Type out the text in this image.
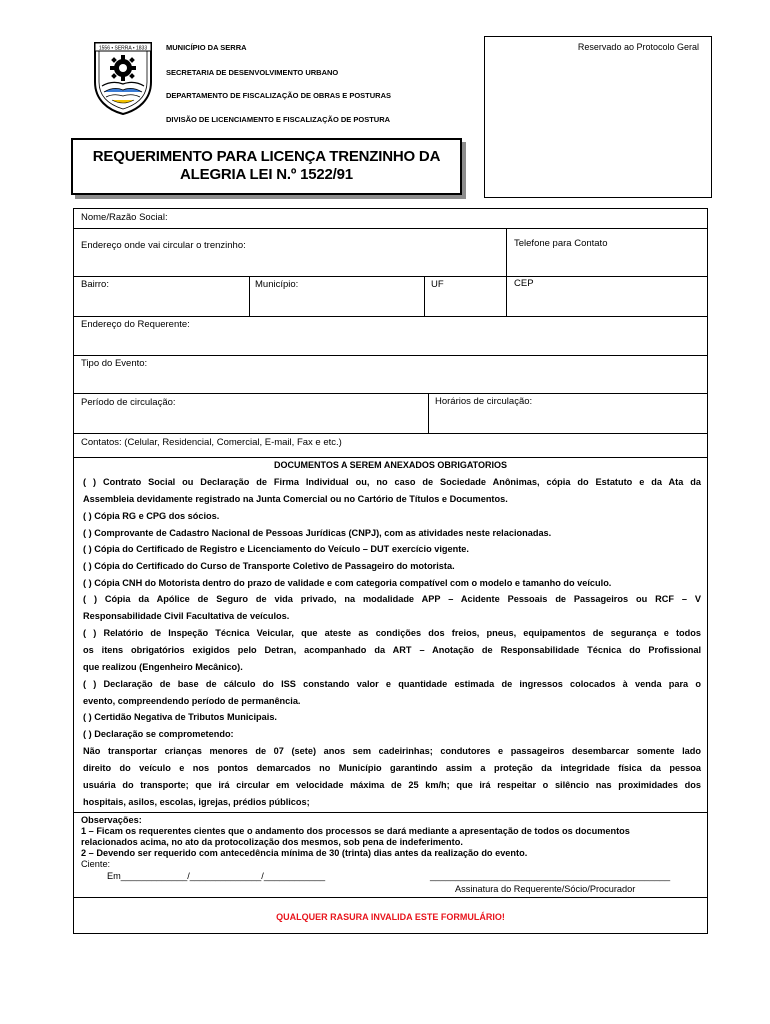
1556 • SERRA • 1833	MUNICÍPIO DA SERRA
SECRETARIA DE DESENVOLVIMENTO URBANO
DEPARTAMENTO DE FISCALIZAÇÃO DE OBRAS E POSTURAS
DIVISÃO DE LICENCIAMENTO E FISCALIZAÇÃO DE POSTURA
Reservado ao Protocolo Geral
REQUERIMENTO PARA LICENÇA TRENZINHO DA
ALEGRIA LEI N.º 1522/91
Nome/Razão Social:
Endereço onde vai circular o trenzinho:	Telefone para Contato
Bairro:	Município:	UF	CEP
Endereço do Requerente:
Tipo do Evento:
Período de circulação:	Horários de circulação:
Contatos: (Celular, Residencial, Comercial, E-mail, Fax e etc.)
DOCUMENTOS A SEREM ANEXADOS OBRIGATORIOS
( ) Contrato Social ou Declaração de Firma Individual ou, no caso de Sociedade Anônimas, cópia do Estatuto e da Ata da
Assembleia devidamente registrado na Junta Comercial ou no Cartório de Títulos e Documentos.
( ) Cópia RG e CPG dos sócios.
( ) Comprovante de Cadastro Nacional de Pessoas Jurídicas (CNPJ), com as atividades neste relacionadas.
( ) Cópia do Certificado de Registro e Licenciamento do Veículo – DUT exercício vigente.
( ) Cópia do Certificado do Curso de Transporte Coletivo de Passageiro do motorista.
( ) Cópia CNH do Motorista dentro do prazo de validade e com categoria compatível com o modelo e tamanho do veículo.
( ) Cópia da Apólice de Seguro de vida privado, na modalidade APP – Acidente Pessoais de Passageiros ou RCF – V
Responsabilidade Civil Facultativa de veículos.
( ) Relatório de Inspeção Técnica Veicular, que ateste as condições dos freios, pneus, equipamentos de segurança e todos
os itens obrigatórios exigidos pelo Detran, acompanhado da ART – Anotação de Responsabilidade Técnica do Profissional
que realizou (Engenheiro Mecânico).
( ) Declaração de base de cálculo do ISS constando valor e quantidade estimada de ingressos colocados à venda para o
evento, compreendendo período de permanência.
( ) Certidão Negativa de Tributos Municipais.
( ) Declaração se comprometendo:
Não transportar crianças menores de 07 (sete) anos sem cadeirinhas; condutores e passageiros desembarcar somente lado
direito do veículo e nos pontos demarcados no Município garantindo assim a proteção da integridade física da pessoa
usuária do transporte; que irá circular em velocidade máxima de 25 km/h; que irá respeitar o silêncio nas proximidades dos
hospitais, asilos, escolas, igrejas, prédios públicos;
Observações:
1 – Ficam os requerentes cientes que o andamento dos processos se dará mediante a apresentação de todos os documentos
relacionados acima, no ato da protocolização dos mesmos, sob pena de indeferimento.
2 – Devendo ser requerido com antecedência mínima de 30 (trinta) dias antes da realização do evento.
Ciente:
Em_____________/______________/____________	_______________________________________________
Assinatura do Requerente/Sócio/Procurador
QUALQUER RASURA INVALIDA ESTE FORMULÁRIO!
